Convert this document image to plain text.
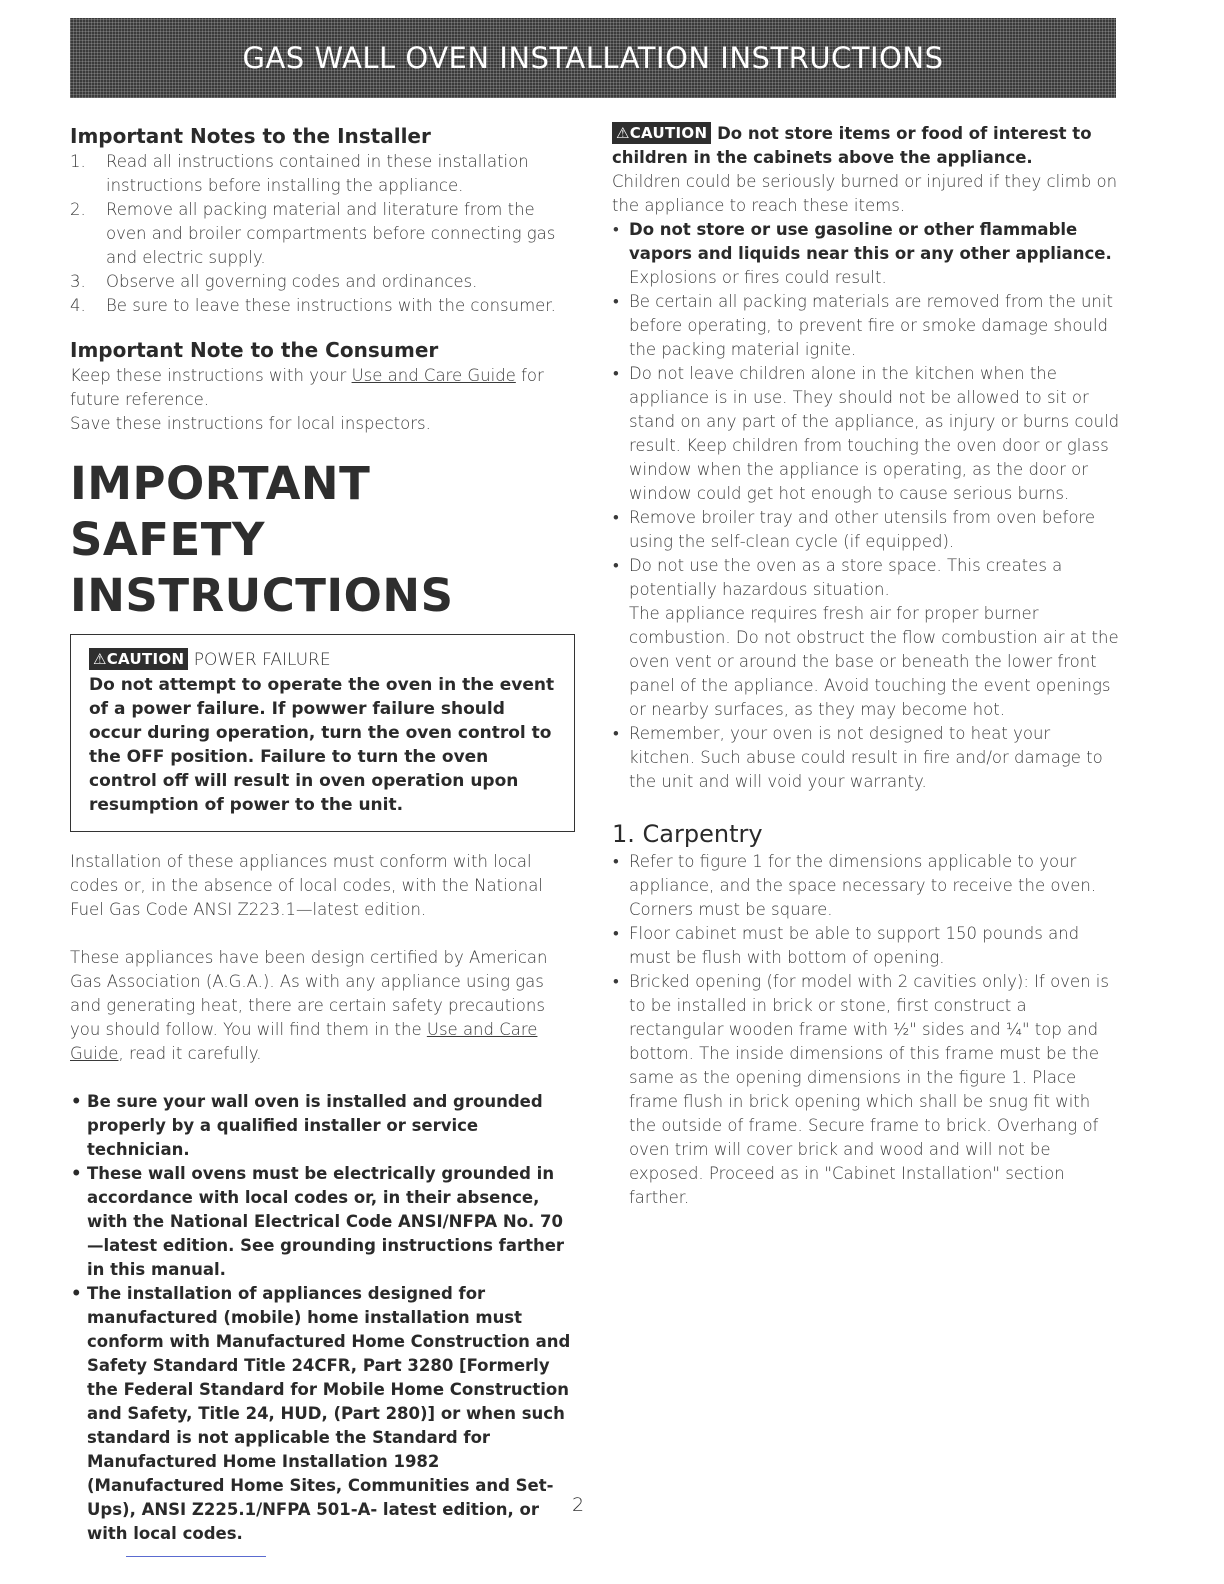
GAS WALL OVEN INSTALLATION INSTRUCTIONS
Important Notes to the Installer
1. Read all instructions contained in these installation instructions before installing the appliance.
2. Remove all packing material and literature from the oven and broiler compartments before connecting gas and electric supply.
3. Observe all governing codes and ordinances.
4. Be sure to leave these instructions with the consumer.
Important Note to the Consumer

Keep these instructions with your Use and Care Guide for future reference.

Save these instructions for local inspectors.

IMPORTANT SAFETY INSTRUCTIONS
⚠CAUTION POWER FAILURE

Do not attempt to operate the oven in the event of a power failure. If powwer failure should occur during operation, turn the oven control to the OFF position. Failure to turn the oven control off will result in oven operation upon resumption of power to the unit.

Installation of these appliances must conform with local codes or, in the absence of local codes, with the National Fuel Gas Code ANSI Z223.1—latest edition.

These appliances have been design certified by American Gas Association (A.G.A.). As with any appliance using gas and generating heat, there are certain safety precautions you should follow. You will find them in the Use and Care Guide, read it carefully.

• Be sure your wall oven is installed and grounded properly by a qualified installer or service technician.
• These wall ovens must be electrically grounded in accordance with local codes or, in their absence, with the National Electrical Code ANSI/NFPA No. 70—latest edition. See grounding instructions farther in this manual.
• The installation of appliances designed for manufactured (mobile) home installation must conform with Manufactured Home Construction and Safety Standard Title 24CFR, Part 3280 [Formerly the Federal Standard for Mobile Home Construction and Safety, Title 24, HUD, (Part 280)] or when such standard is not applicable the Standard for Manufactured Home Installation 1982 (Manufactured Home Sites, Communities and Set-Ups), ANSI Z225.1/NFPA 501-A- latest edition, or with local codes.

⚠CAUTION Do not store items or food of interest to children in the cabinets above the appliance.

Children could be seriously burned or injured if they climb on the appliance to reach these items.

• Do not store or use gasoline or other flammable vapors and liquids near this or any other appliance. Explosions or fires could result.
• Be certain all packing materials are removed from the unit before operating, to prevent fire or smoke damage should the packing material ignite.
• Do not leave children alone in the kitchen when the appliance is in use. They should not be allowed to sit or stand on any part of the appliance, as injury or burns could result. Keep children from touching the oven door or glass window when the appliance is operating, as the door or window could get hot enough to cause serious burns.
• Remove broiler tray and other utensils from oven before using the self-clean cycle (if equipped).
• Do not use the oven as a store space. This creates a potentially hazardous situation.

The appliance requires fresh air for proper burner combustion. Do not obstruct the flow combustion air at the oven vent or around the base or beneath the lower front panel of the appliance. Avoid touching the event openings or nearby surfaces, as they may become hot.

• Remember, your oven is not designed to heat your kitchen. Such abuse could result in fire and/or damage to the unit and will void your warranty.
1. Carpentry
• Refer to figure 1 for the dimensions applicable to your appliance, and the space necessary to receive the oven. Corners must be square.
• Floor cabinet must be able to support 150 pounds and must be flush with bottom of opening.
• Bricked opening (for model with 2 cavities only): If oven is to be installed in brick or stone, first construct a rectangular wooden frame with ½" sides and ¼" top and bottom. The inside dimensions of this frame must be the same as the opening dimensions in the figure 1. Place frame flush in brick opening which shall be snug fit with the outside of frame. Secure frame to brick. Overhang of oven trim will cover brick and wood and will not be exposed. Proceed as in "Cabinet Installation" section farther.
2
